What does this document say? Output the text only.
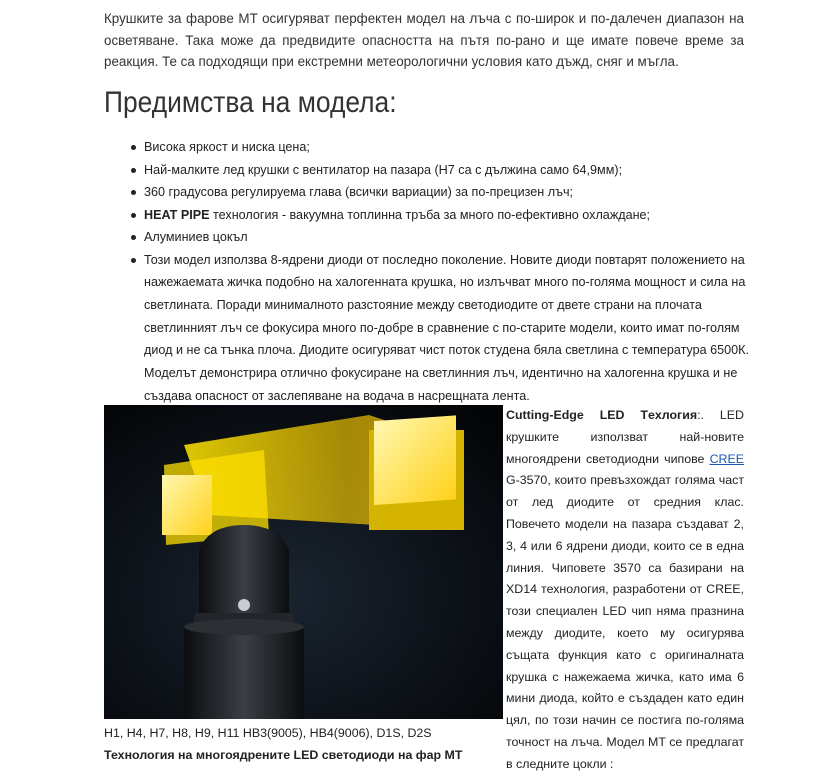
Крушките за фарове MT осигуряват перфектен модел на лъча с по-широк и по-далечен диапазон на осветяване. Така може да предвидите опасността на пътя по-рано и ще имате повече време за реакция. Те са подходящи при екстремни метеорологични условия като дъжд, сняг и мъгла.

Предимства на модела:
Висока яркост и ниска цена;
Най-малките лед крушки с вентилатор на пазара (Н7 са с дължина само 64,9мм);
360 градусова регулируема глава (всички вариации) за по-прецизен лъч;
HEAT PIPE технология - вакуумна топлинна тръба за много по-ефективно охлаждане;
Алуминиев цокъл
Този модел използва 8-ядрени диоди от последно поколение. Новите диоди повтарят положението на нажежаемата жичка подобно на халогенната крушка, но излъчват много по-голяма мощност и сила на светлината. Поради минималното разстояние между светодиодите от двете страни на плочата светлинният лъч се фокусира много по-добре в сравнение с по-старите модели, които имат по-голям диод и не са тънка плоча. Диодите осигуряват чист поток студена бяла светлина с температура 6500К. Моделът демонстрира отлично фокусиране на светлинния лъч, идентично на халогенна крушка и не създава опасност от заслепяване на водача в насрещната лента.

Cutting-Edge LED Тexлогия:. LED крушките използват най-новите многоядрени светодиодни чипове CREE G-3570, които превъзхождат голяма част от лед диодите от средния клас. Повечето модели на пазара създават 2, 3, 4 или 6 ядрени диоди, които се в една линия. Чиповете 3570 са базирани на XD14 технология, разработени от CREE, този специален LED чип няма празнина между диодите, което му осигурява същата функция като с оригиналната крушка с нажежаема жичка, като има 6 мини диода, който е създаден като един цял, по този начин се постига по-голяма точност на лъча. Модел MT се предлагат в следните цокли :

H1, H4, H7, H8, H9, H11 HB3(9005), HB4(9006), D1S, D2S

Технология на многоядрените LED светодиоди на фар MT
